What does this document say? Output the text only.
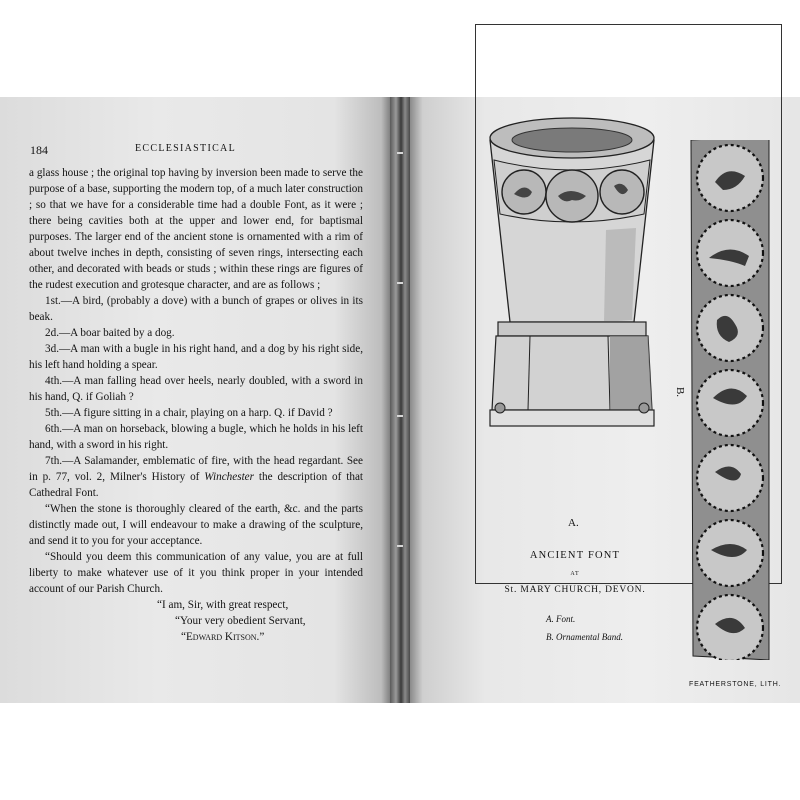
184	ECCLESIASTICAL

a glass house ; the original top having by inversion been made to serve the purpose of a base, supporting the modern top, of a much later construction ; so that we have for a considerable time had a double Font, as it were ; there being cavities both at the upper and lower end, for baptismal purposes. The larger end of the ancient stone is ornamented with a rim of about twelve inches in depth, consisting of seven rings, intersecting each other, and decorated with beads or studs ; within these rings are figures of the rudest execution and grotesque character, and are as follows ;

1st.—A bird, (probably a dove) with a bunch of grapes or olives in its beak.

2d.—A boar baited by a dog.

3d.—A man with a bugle in his right hand, and a dog by his right side, his left hand holding a spear.

4th.—A man falling head over heels, nearly doubled, with a sword in his hand, Q. if Goliah ?

5th.—A figure sitting in a chair, playing on a harp. Q. if David ?

6th.—A man on horseback, blowing a bugle, which he holds in his left hand, with a sword in his right.

7th.—A Salamander, emblematic of fire, with the head regardant. See in p. 77, vol. 2, Milner's History of Winchester the description of that Cathedral Font.

“When the stone is thoroughly cleared of the earth, &c. and the parts distinctly made out, I will endeavour to make a drawing of the sculpture, and send it to you for your acceptance.

“Should you deem this communication of any value, you are at full liberty to make whatever use of it you think proper in your intended account of our Parish Church.

“I am, Sir, with great respect,

“Your very obedient Servant,

“Edward Kitson.”

A.
B.
ANCIENT FONT
AT
St. MARY CHURCH, DEVON.
A. Font.
B. Ornamental Band.
FEATHERSTONE, LITH.
